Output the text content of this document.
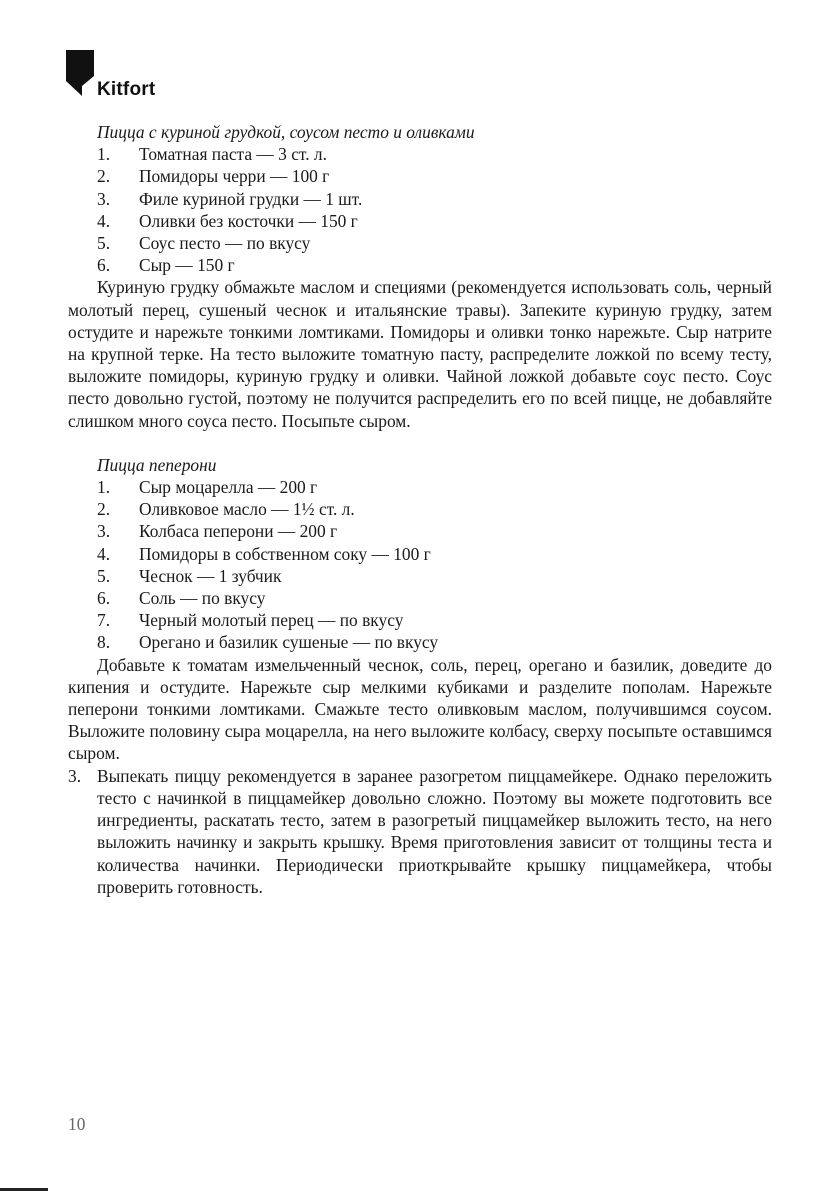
Kitfort
Пицца с куриной грудкой, соусом песто и оливками
1.	Томатная паста — 3 ст. л.
2.	Помидоры черри — 100 г
3.	Филе куриной грудки — 1 шт.
4.	Оливки без косточки — 150 г
5.	Соус песто — по вкусу
6.	Сыр — 150 г
Куриную грудку обмажьте маслом и специями (рекомендуется использовать соль, черный молотый перец, сушеный чеснок и итальянские травы). Запеките куриную грудку, затем остудите и нарежьте тонкими ломтиками. Помидоры и оливки тонко нарежьте. Сыр натрите на крупной терке. На тесто выложите томатную пасту, распределите ложкой по всему тесту, выложите помидоры, куриную грудку и оливки. Чайной ложкой добавьте соус песто. Соус песто довольно густой, поэтому не получится распределить его по всей пицце, не добавляйте слишком много соуса песто. Посыпьте сыром.
Пицца пеперони
1.	Сыр моцарелла — 200 г
2.	Оливковое масло — 1½ ст. л.
3.	Колбаса пеперони — 200 г
4.	Помидоры в собственном соку — 100 г
5.	Чеснок — 1 зубчик
6.	Соль — по вкусу
7.	Черный молотый перец — по вкусу
8.	Орегано и базилик сушеные — по вкусу
Добавьте к томатам измельченный чеснок, соль, перец, орегано и базилик, доведите до кипения и остудите. Нарежьте сыр мелкими кубиками и разделите пополам. Нарежьте пеперони тонкими ломтиками. Смажьте тесто оливковым маслом, получившимся соусом. Выложите половину сыра моцарелла, на него выложите колбасу, сверху посыпьте оставшимся сыром.
3. Выпекать пиццу рекомендуется в заранее разогретом пиццамейкере. Однако переложить тесто с начинкой в пиццамейкер довольно сложно. Поэтому вы можете подготовить все ингредиенты, раскатать тесто, затем в разогретый пиццамейкер выложить тесто, на него выложить начинку и закрыть крышку. Время приготовления зависит от толщины теста и количества начинки. Периодически приоткрывайте крышку пиццамейкера, чтобы проверить готовность.
10
